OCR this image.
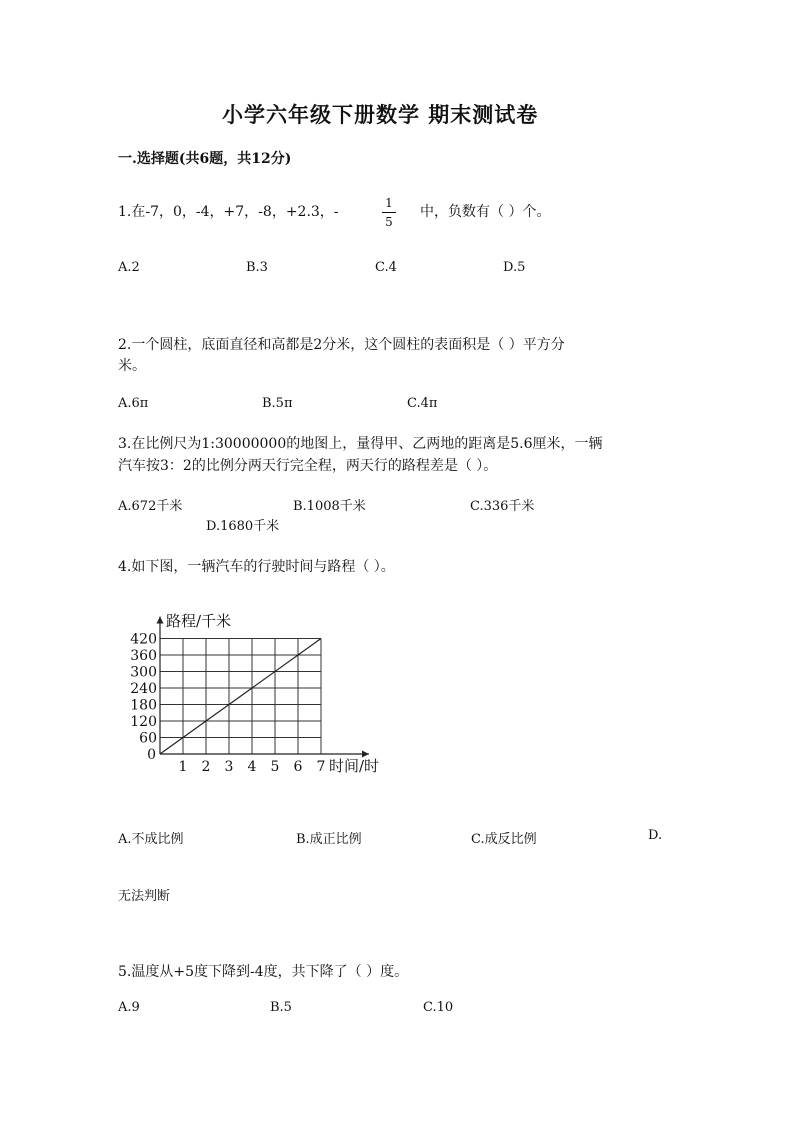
小学六年级下册数学 期末测试卷
一.选择题(共6题，共12分)
1.在-7，0，-4，+7，-8，+2.3，-
1
5
中，负数有（ ）个。
A.2	B.3	C.4	D.5
2.一个圆柱，底面直径和高都是2分米，这个圆柱的表面积是（ ）平方分
米。
A.6π	B.5π	C.4π
3.在比例尺为1:30000000的地图上，量得甲、乙两地的距离是5.6厘米，一辆
汽车按3：2的比例分两天行完全程，两天行的路程差是（ ）。
A.672千米	B.1008千米	C.336千米
D.1680千米
4.如下图，一辆汽车的行驶时间与路程（ ）。
1 2 3 4 5 6 7
60
120
180
240
300
360
420
0
路程/千米
时间/时
A.不成比例	B.成正比例	C.成反比例	D.
无法判断
5.温度从+5度下降到-4度，共下降了（ ）度。
A.9	B.5	C.10
